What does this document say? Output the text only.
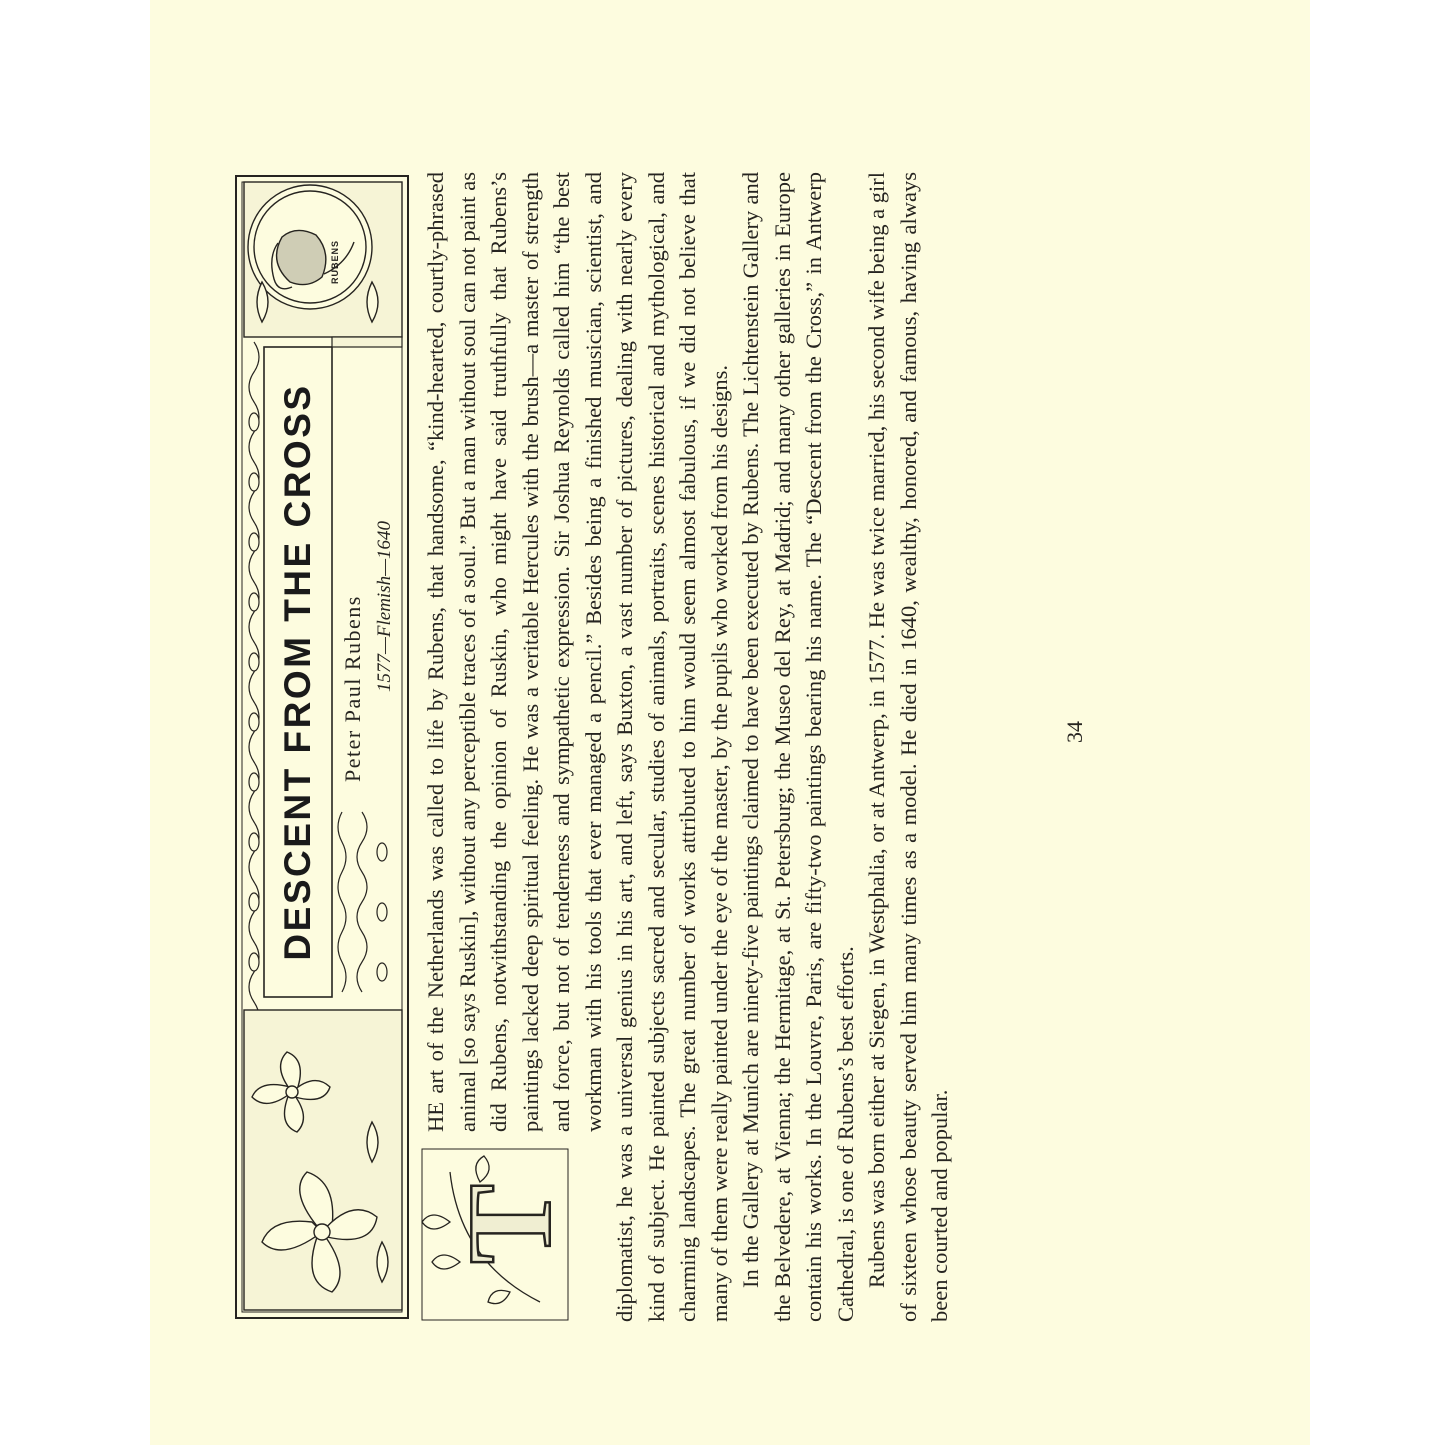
DESCENT FROM THE CROSS	Peter Paul Rubens 1577—Flemish—1640
RUBENS
T

HE art of the Netherlands was called to life by Rubens, that handsome, “kind-hearted, courtly-phrased animal [so says Ruskin], without any perceptible traces of a soul.” But a man without soul can not paint as did Rubens, notwithstanding the opinion of Ruskin, who might have said truthfully that Rubens’s paintings lacked deep spiritual feeling. He was a veritable Hercules with the brush—a master of strength and force, but not of tenderness and sympathetic expression. Sir Joshua Reynolds called him “the best workman with his tools that ever managed a pencil.” Besides being a finished musician, scientist, and diplomatist, he was a universal genius in his art, and left, says Buxton, a vast number of pictures, dealing with nearly every kind of subject. He painted subjects sacred and secular, studies of animals, portraits, scenes historical and mythological, and charming landscapes. The great number of works attributed to him would seem almost fabulous, if we did not believe that many of them were really painted under the eye of the master, by the pupils who worked from his designs. In the Gallery at Munich are ninety-five paintings claimed to have been executed by Rubens. The Lichtenstein Gallery and the Belvedere, at Vienna; the Hermitage, at St. Petersburg; the Museo del Rey, at Madrid; and many other galleries in Europe contain his works. In the Louvre, Paris, are fifty-two paintings bearing his name. The “Descent from the Cross,” in Antwerp Cathedral, is one of Rubens’s best efforts. Rubens was born either at Siegen, in Westphalia, or at Antwerp, in 1577. He was twice married, his second wife being a girl of sixteen whose beauty served him many times as a model. He died in 1640, wealthy, honored, and famous, having always been courted and popular.

34
